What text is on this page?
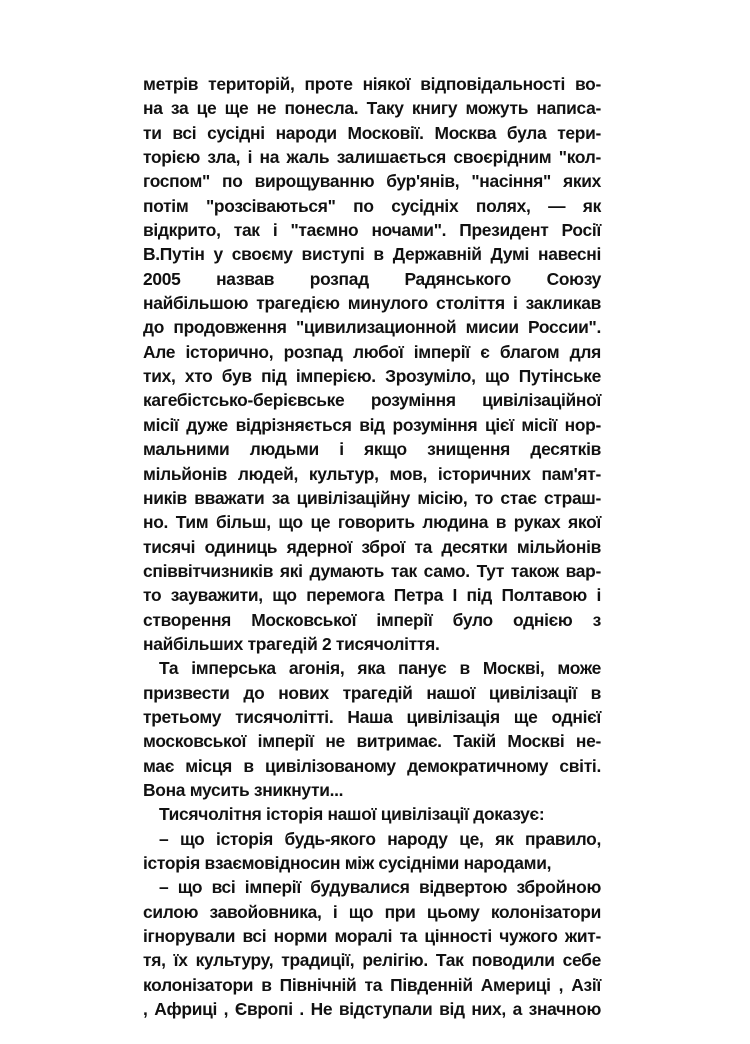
метрів територій, проте ніякої відповідальності во-
на за це ще не понесла. Таку книгу можуть написа-
ти всі сусідні народи Московії. Москва була тери-
торією зла, і на жаль залишається своєрідним "кол-
госпом" по вирощуванню бур'янів, "насіння" яких
потім "розсіваються" по сусідніх полях, — як
відкрито, так і "таємно ночами". Президент Росії
В.Путін у своєму виступі в Державній Думі навесні
2005 назвав розпад Радянського Союзу
найбільшою трагедією минулого століття і закликав
до продовження "цивилизационной мисии России".
Але історично, розпад любої імперії є благом для
тих, хто був під імперією. Зрозуміло, що Путінське
кагебістсько-берієвське розуміння цивілізаційної
місії дуже відрізняється від розуміння цієї місії нор-
мальними людьми і якщо знищення десятків
мільйонів людей, культур, мов, історичних пам'ят-
ників вважати за цивілізаційну місію, то стає страш-
но. Тим більш, що це говорить людина в руках якої
тисячі одиниць ядерної зброї та десятки мільйонів
співвітчизників які думають так само. Тут також вар-
то зауважити, що перемога Петра І під Полтавою і
створення Московської імперії було однією з
найбільших трагедій 2 тисячоліття.
Та імперська агонія, яка панує в Москві, може
призвести до нових трагедій нашої цивілізації в
третьому тисячолітті. Наша цивілізація ще однієї
московської імперії не витримає. Такій Москві не-
має місця в цивілізованому демократичному світі.
Вона мусить зникнути...
Тисячолітня історія нашої цивілізації доказує:
– що історія будь-якого народу це, як правило,
історія взаємовідносин між сусідніми народами,
– що всі імперії будувалися відвертою збройною
силою завойовника, і що при цьому колонізатори
ігнорували всі норми моралі та цінності чужого жит-
тя, їх культуру, традиції, релігію. Так поводили себе
колонізатори в Північній та Південній Америці , Азії
, Африці , Європі . Не відступали від них, а значною
